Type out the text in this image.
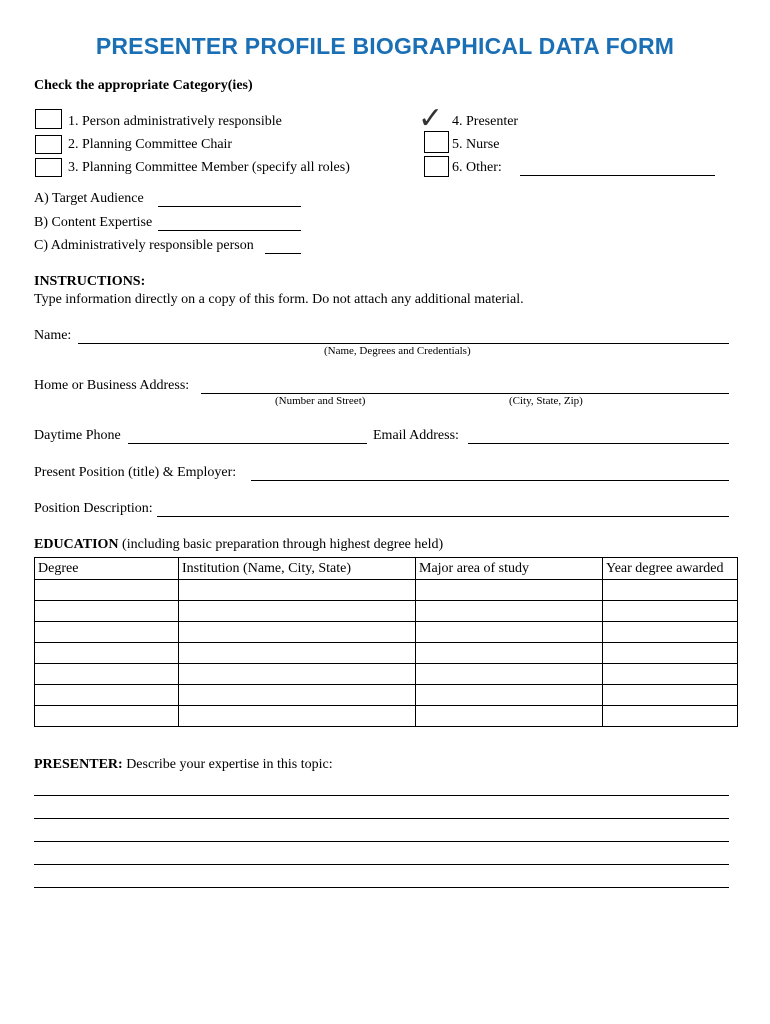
PRESENTER PROFILE BIOGRAPHICAL DATA FORM
Check the appropriate Category(ies)
1. Person administratively responsible
2. Planning Committee Chair
3. Planning Committee Member (specify all roles)
✓ 4. Presenter
5. Nurse
6. Other:
A) Target Audience
B) Content Expertise
C) Administratively responsible person
INSTRUCTIONS:
Type information directly on a copy of this form. Do not attach any additional material.
Name:
(Name, Degrees and Credentials)
Home or Business Address:
(Number and Street)	(City, State, Zip)
Daytime Phone	Email Address:
Present Position (title) & Employer:
Position Description:
EDUCATION (including basic preparation through highest degree held)
Degree	Institution (Name, City, State)	Major area of study	Year degree awarded

PRESENTER: Describe your expertise in this topic:
